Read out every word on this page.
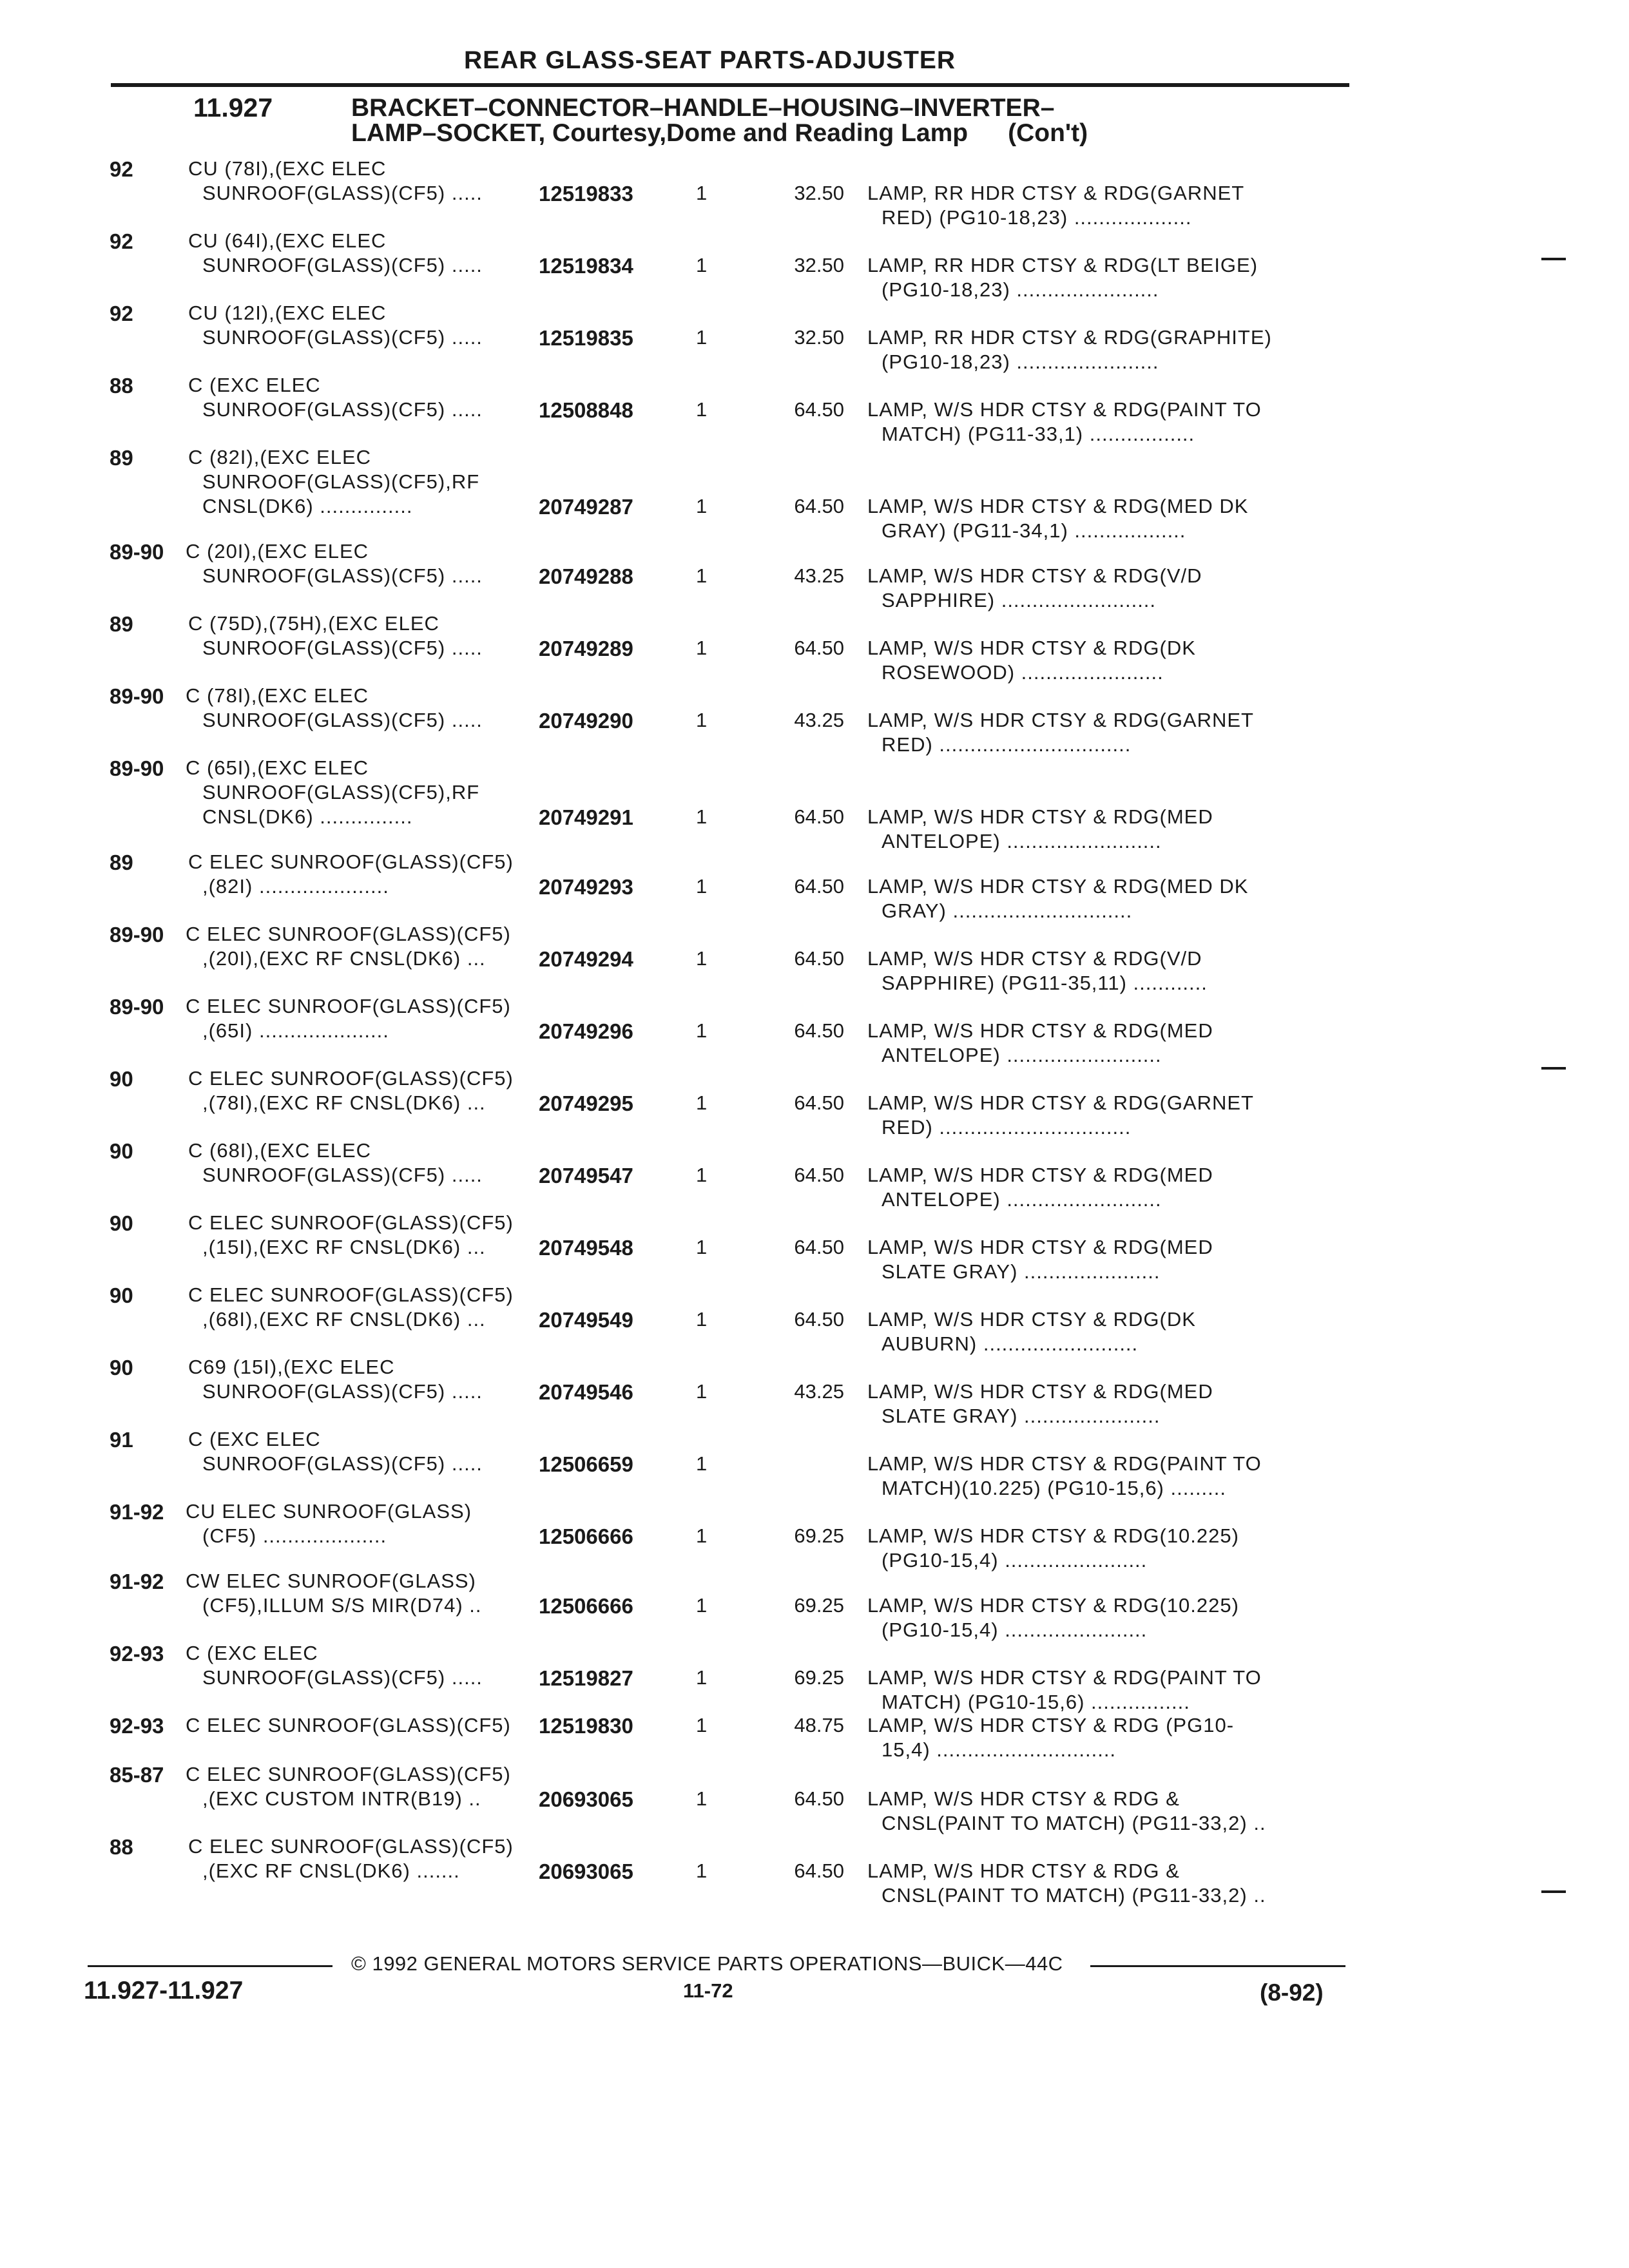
REAR GLASS-SEAT PARTS-ADJUSTER
11.927	BRACKET–CONNECTOR–HANDLE–HOUSING–INVERTER–
LAMP–SOCKET, Courtesy,Dome and Reading Lamp (Con't)
92	CU (78I),(EXC ELEC
SUNROOF(GLASS)(CF5) .....	12519833	1	32.50 LAMP, RR HDR CTSY & RDG(GARNET
RED) (PG10-18,23) ...................
92	CU (64I),(EXC ELEC
SUNROOF(GLASS)(CF5) .....	12519834	1	32.50 LAMP, RR HDR CTSY & RDG(LT BEIGE)
(PG10-18,23) .......................
92	CU (12I),(EXC ELEC
SUNROOF(GLASS)(CF5) .....	12519835	1	32.50 LAMP, RR HDR CTSY & RDG(GRAPHITE)
(PG10-18,23) .......................
88	C (EXC ELEC
SUNROOF(GLASS)(CF5) .....	12508848	1	64.50 LAMP, W/S HDR CTSY & RDG(PAINT TO
MATCH) (PG11-33,1) .................
89	C (82I),(EXC ELEC
SUNROOF(GLASS)(CF5),RF
CNSL(DK6) ...............	20749287	1	64.50 LAMP, W/S HDR CTSY & RDG(MED DK
GRAY) (PG11-34,1) ..................
89-90 C (20I),(EXC ELEC
SUNROOF(GLASS)(CF5) .....	20749288	1	43.25 LAMP, W/S HDR CTSY & RDG(V/D
SAPPHIRE) .........................
89	C (75D),(75H),(EXC ELEC
SUNROOF(GLASS)(CF5) .....	20749289	1	64.50 LAMP, W/S HDR CTSY & RDG(DK
ROSEWOOD) .......................
89-90 C (78I),(EXC ELEC
SUNROOF(GLASS)(CF5) .....	20749290	1	43.25 LAMP, W/S HDR CTSY & RDG(GARNET
RED) ...............................
89-90 C (65I),(EXC ELEC
SUNROOF(GLASS)(CF5),RF
CNSL(DK6) ...............	20749291	1	64.50 LAMP, W/S HDR CTSY & RDG(MED
ANTELOPE) .........................
89	C ELEC SUNROOF(GLASS)(CF5)
,(82I) .....................	20749293	1	64.50 LAMP, W/S HDR CTSY & RDG(MED DK
GRAY) .............................
89-90 C ELEC SUNROOF(GLASS)(CF5)
,(20I),(EXC RF CNSL(DK6) ... 20749294	1	64.50 LAMP, W/S HDR CTSY & RDG(V/D
SAPPHIRE) (PG11-35,11) ............
89-90 C ELEC SUNROOF(GLASS)(CF5)
,(65I) .....................	20749296	1	64.50 LAMP, W/S HDR CTSY & RDG(MED
ANTELOPE) .........................
90	C ELEC SUNROOF(GLASS)(CF5)
,(78I),(EXC RF CNSL(DK6) ... 20749295	1	64.50 LAMP, W/S HDR CTSY & RDG(GARNET
RED) ...............................
90	C (68I),(EXC ELEC
SUNROOF(GLASS)(CF5) .....	20749547	1	64.50 LAMP, W/S HDR CTSY & RDG(MED
ANTELOPE) .........................
90	C ELEC SUNROOF(GLASS)(CF5)
,(15I),(EXC RF CNSL(DK6) ... 20749548	1	64.50 LAMP, W/S HDR CTSY & RDG(MED
SLATE GRAY) ......................
90	C ELEC SUNROOF(GLASS)(CF5)
,(68I),(EXC RF CNSL(DK6) ... 20749549	1	64.50 LAMP, W/S HDR CTSY & RDG(DK
AUBURN) .........................
90	C69 (15I),(EXC ELEC
SUNROOF(GLASS)(CF5) .....	20749546	1	43.25 LAMP, W/S HDR CTSY & RDG(MED
SLATE GRAY) ......................
91	C (EXC ELEC
SUNROOF(GLASS)(CF5) .....	12506659	1	LAMP, W/S HDR CTSY & RDG(PAINT TO
MATCH)(10.225) (PG10-15,6) .........
91-92 CU ELEC SUNROOF(GLASS)
(CF5) ....................	12506666	1	69.25 LAMP, W/S HDR CTSY & RDG(10.225)
(PG10-15,4) .......................
91-92 CW ELEC SUNROOF(GLASS)
(CF5),ILLUM S/S MIR(D74) ..	12506666	1	69.25 LAMP, W/S HDR CTSY & RDG(10.225)
(PG10-15,4) .......................
92-93 C (EXC ELEC
SUNROOF(GLASS)(CF5) .....	12519827	1	69.25 LAMP, W/S HDR CTSY & RDG(PAINT TO
MATCH) (PG10-15,6) ................
92-93 C ELEC SUNROOF(GLASS)(CF5) 12519830	1	48.75 LAMP, W/S HDR CTSY & RDG (PG10-
15,4) .............................
85-87 C ELEC SUNROOF(GLASS)(CF5)
,(EXC CUSTOM INTR(B19) ..	20693065	1	64.50 LAMP, W/S HDR CTSY & RDG &
CNSL(PAINT TO MATCH) (PG11-33,2) ..
88	C ELEC SUNROOF(GLASS)(CF5)
,(EXC RF CNSL(DK6) .......	20693065	1	64.50 LAMP, W/S HDR CTSY & RDG &
CNSL(PAINT TO MATCH) (PG11-33,2) ..
© 1992 GENERAL MOTORS SERVICE PARTS OPERATIONS—BUICK—44C
11.927-11.927	11-72	(8-92)
